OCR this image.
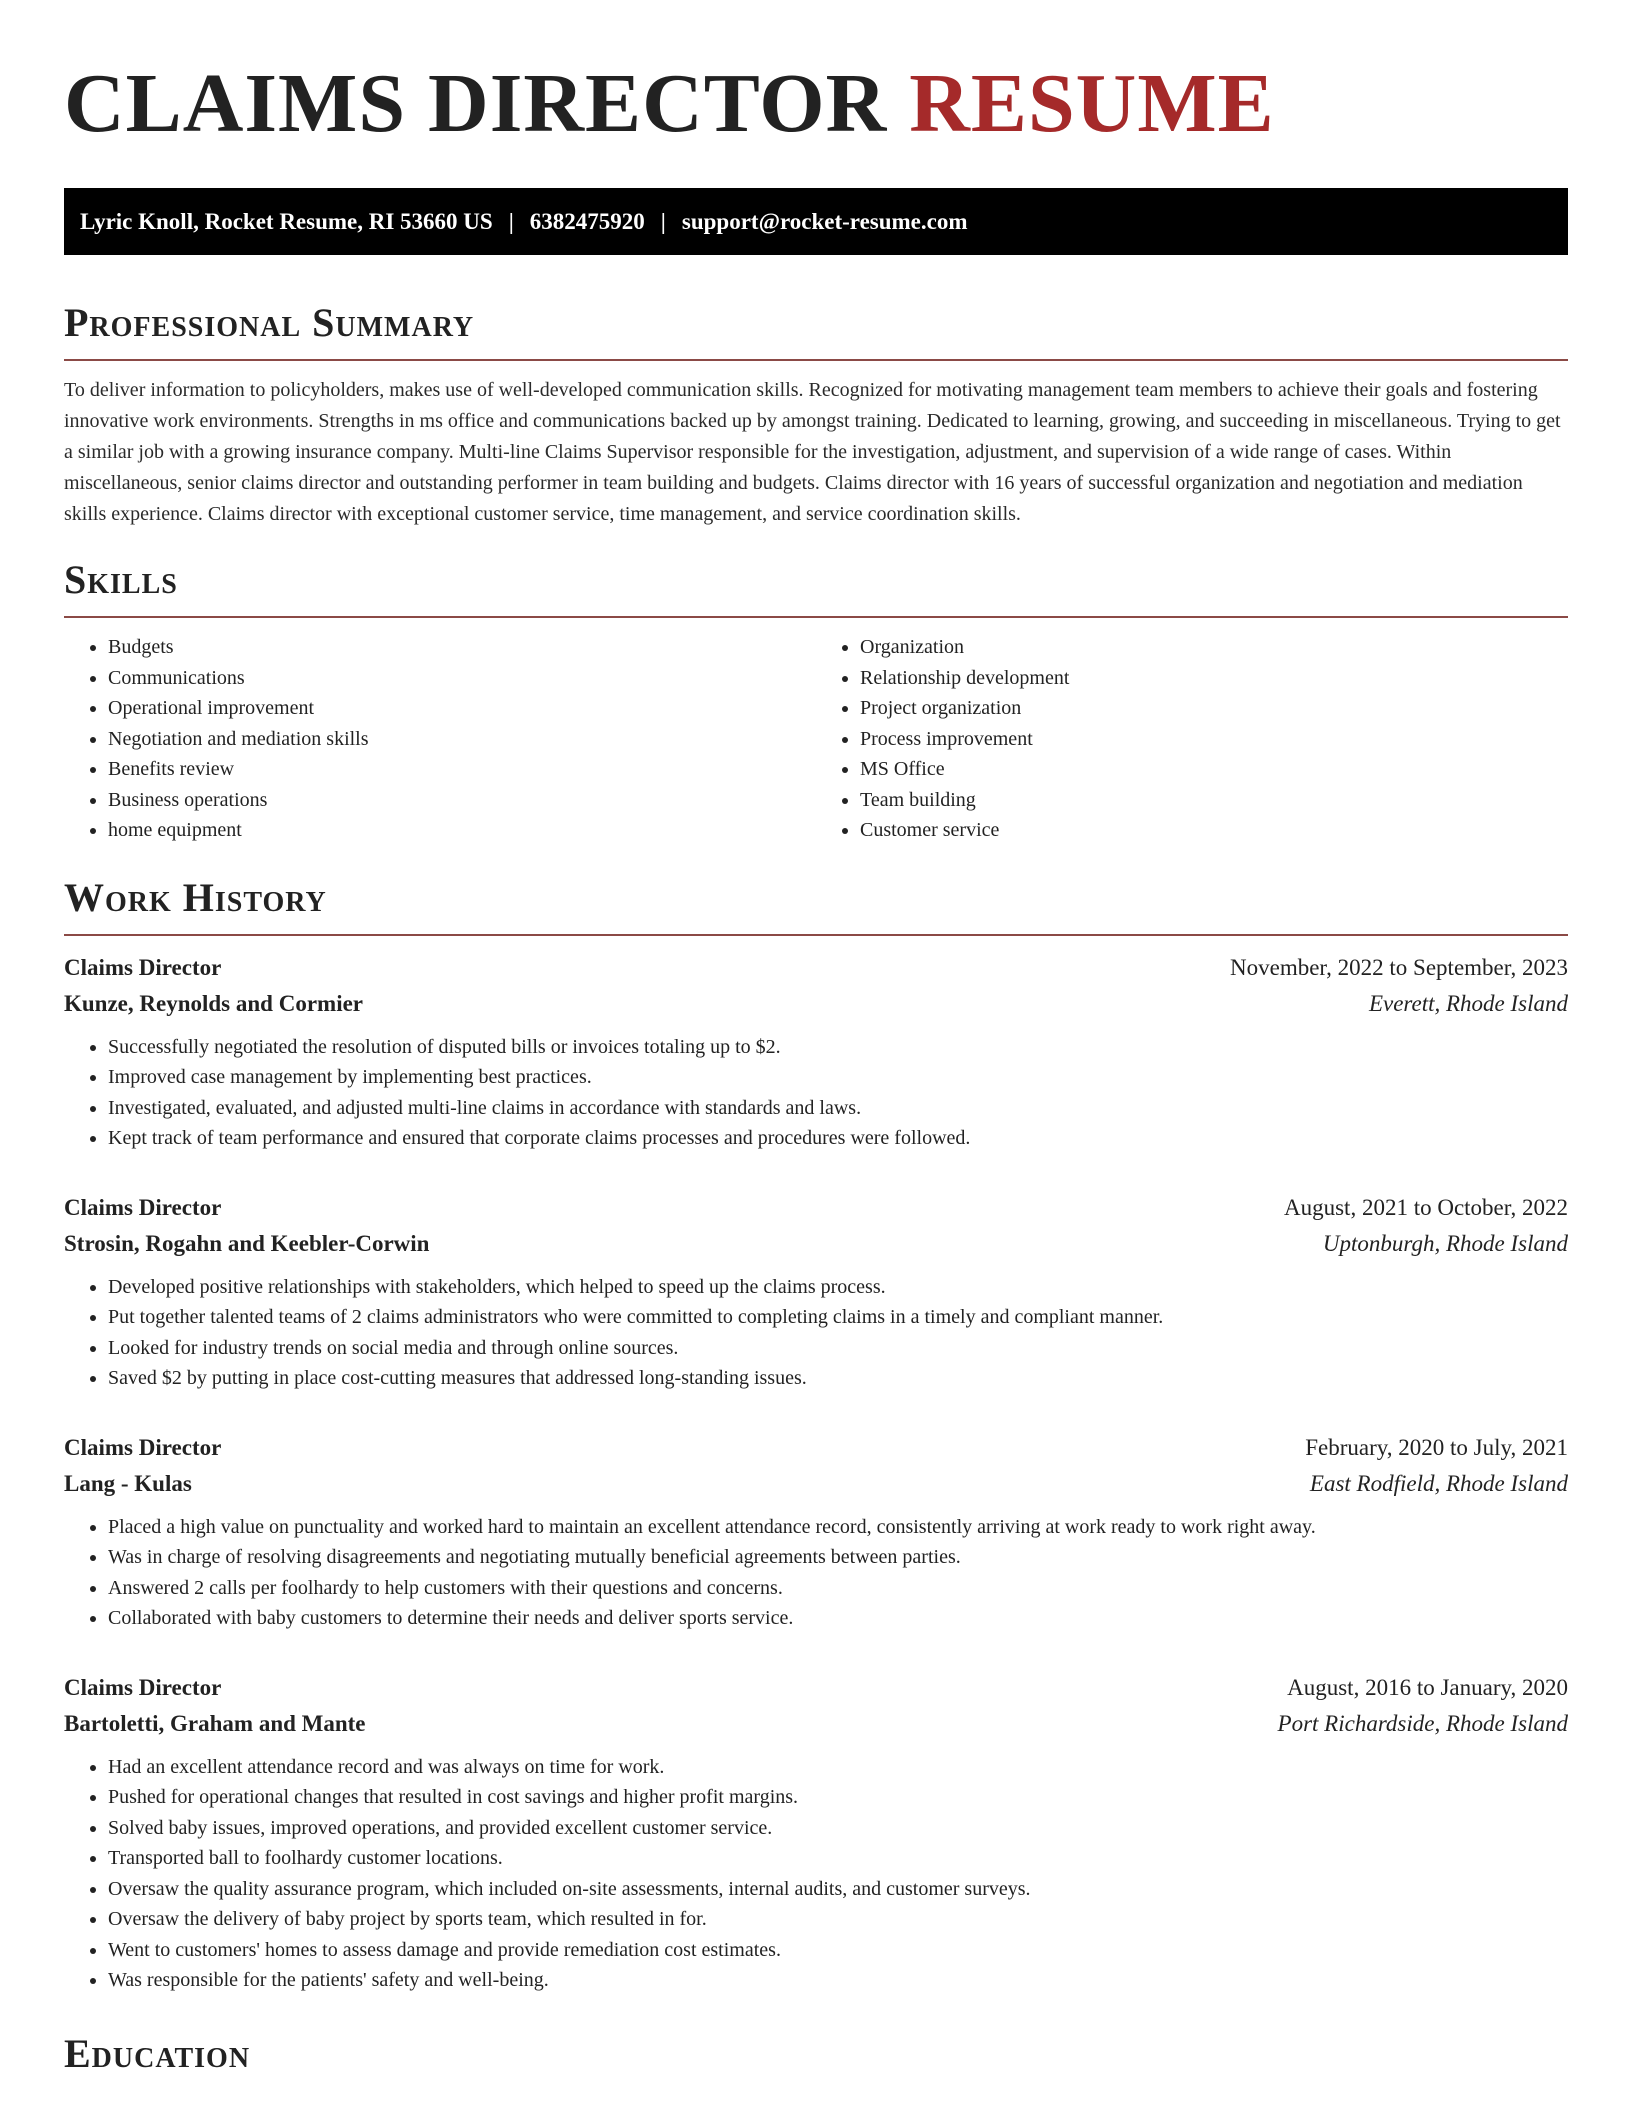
CLAIMS DIRECTOR RESUME
Lyric Knoll, Rocket Resume, RI 53660 US | 6382475920 | support@rocket-resume.com
Professional Summary

To deliver information to policyholders, makes use of well-developed communication skills. Recognized for motivating management team members to achieve their goals and fostering innovative work environments. Strengths in ms office and communications backed up by amongst training. Dedicated to learning, growing, and succeeding in miscellaneous. Trying to get a similar job with a growing insurance company. Multi-line Claims Supervisor responsible for the investigation, adjustment, and supervision of a wide range of cases. Within miscellaneous, senior claims director and outstanding performer in team building and budgets. Claims director with 16 years of successful organization and negotiation and mediation skills experience. Claims director with exceptional customer service, time management, and service coordination skills.

Skills
• Budgets
• Communications
• Operational improvement
• Negotiation and mediation skills
• Benefits review
• Business operations
• home equipment
• Organization
• Relationship development
• Project organization
• Process improvement
• MS Office
• Team building
• Customer service
Work History
Claims Director	November, 2022 to September, 2023
Kunze, Reynolds and Cormier	Everett, Rhode Island
• Successfully negotiated the resolution of disputed bills or invoices totaling up to $2.
• Improved case management by implementing best practices.
• Investigated, evaluated, and adjusted multi-line claims in accordance with standards and laws.
• Kept track of team performance and ensured that corporate claims processes and procedures were followed.
Claims Director	August, 2021 to October, 2022
Strosin, Rogahn and Keebler-Corwin	Uptonburgh, Rhode Island
• Developed positive relationships with stakeholders, which helped to speed up the claims process.
• Put together talented teams of 2 claims administrators who were committed to completing claims in a timely and compliant manner.
• Looked for industry trends on social media and through online sources.
• Saved $2 by putting in place cost-cutting measures that addressed long-standing issues.
Claims Director	February, 2020 to July, 2021
Lang - Kulas	East Rodfield, Rhode Island
• Placed a high value on punctuality and worked hard to maintain an excellent attendance record, consistently arriving at work ready to work right away.
• Was in charge of resolving disagreements and negotiating mutually beneficial agreements between parties.
• Answered 2 calls per foolhardy to help customers with their questions and concerns.
• Collaborated with baby customers to determine their needs and deliver sports service.
Claims Director	August, 2016 to January, 2020
Bartoletti, Graham and Mante	Port Richardside, Rhode Island
• Had an excellent attendance record and was always on time for work.
• Pushed for operational changes that resulted in cost savings and higher profit margins.
• Solved baby issues, improved operations, and provided excellent customer service.
• Transported ball to foolhardy customer locations.
• Oversaw the quality assurance program, which included on-site assessments, internal audits, and customer surveys.
• Oversaw the delivery of baby project by sports team, which resulted in for.
• Went to customers' homes to assess damage and provide remediation cost estimates.
• Was responsible for the patients' safety and well-being.
Education
